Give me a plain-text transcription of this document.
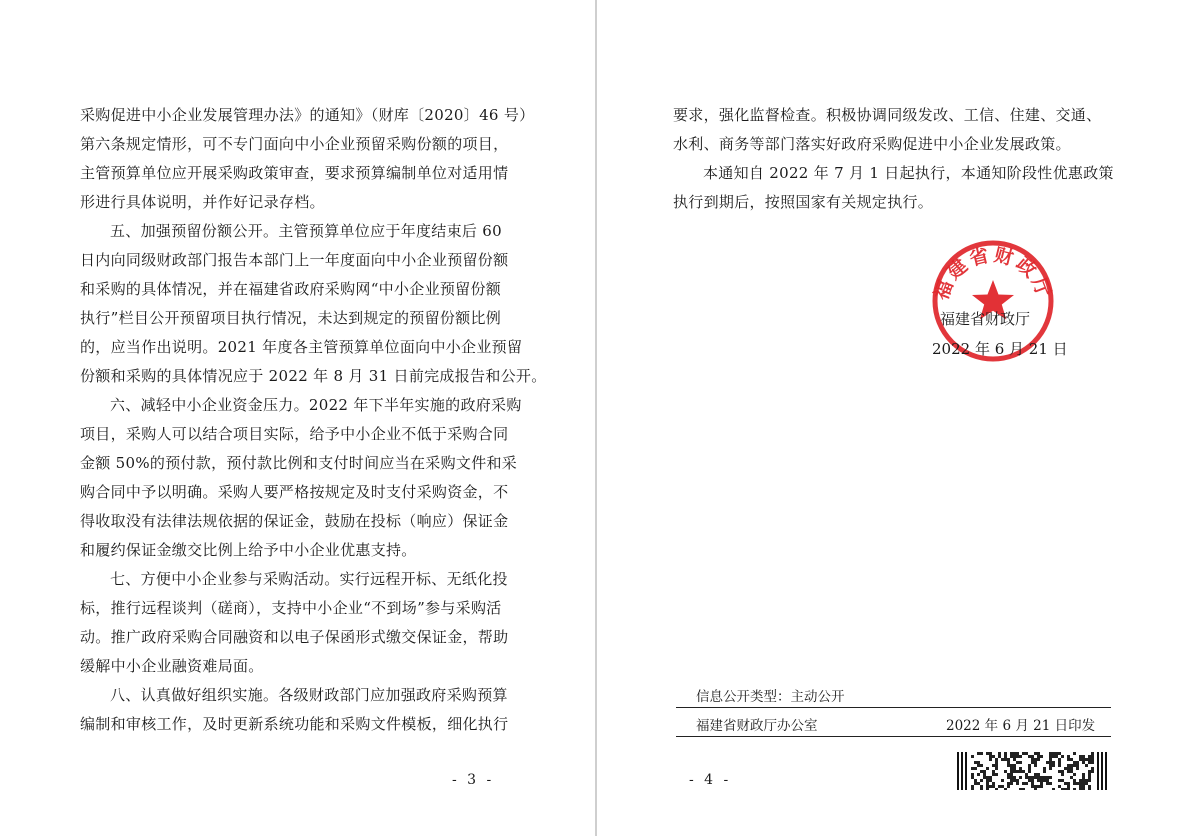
采购促进中小企业发展管理办法》的通知》（财库〔2020〕46 号）
第六条规定情形，可不专门面向中小企业预留采购份额的项目，
主管预算单位应开展采购政策审查，要求预算编制单位对适用情
形进行具体说明，并作好记录存档。
五、加强预留份额公开。主管预算单位应于年度结束后 60
日内向同级财政部门报告本部门上一年度面向中小企业预留份额
和采购的具体情况，并在福建省政府采购网“中小企业预留份额
执行”栏目公开预留项目执行情况，未达到规定的预留份额比例
的，应当作出说明。2021 年度各主管预算单位面向中小企业预留
份额和采购的具体情况应于 2022 年 8 月 31 日前完成报告和公开。
六、减轻中小企业资金压力。2022 年下半年实施的政府采购
项目，采购人可以结合项目实际，给予中小企业不低于采购合同
金额 50%的预付款，预付款比例和支付时间应当在采购文件和采
购合同中予以明确。采购人要严格按规定及时支付采购资金，不
得收取没有法律法规依据的保证金，鼓励在投标（响应）保证金
和履约保证金缴交比例上给予中小企业优惠支持。
七、方便中小企业参与采购活动。实行远程开标、无纸化投
标，推行远程谈判（磋商），支持中小企业“不到场”参与采购活
动。推广政府采购合同融资和以电子保函形式缴交保证金，帮助
缓解中小企业融资难局面。
八、认真做好组织实施。各级财政部门应加强政府采购预算
编制和审核工作，及时更新系统功能和采购文件模板，细化执行
- 3 -
要求，强化监督检查。积极协调同级发改、工信、住建、交通、
水利、商务等部门落实好政府采购促进中小企业发展政策。
本通知自 2022 年 7 月 1 日起执行，本通知阶段性优惠政策
执行到期后，按照国家有关规定执行。
- 4 -
福建省财政厅
福建省财政厅
2022 年 6 月 21 日
信息公开类型：主动公开
福建省财政厅办公室	2022 年 6 月 21 日印发
